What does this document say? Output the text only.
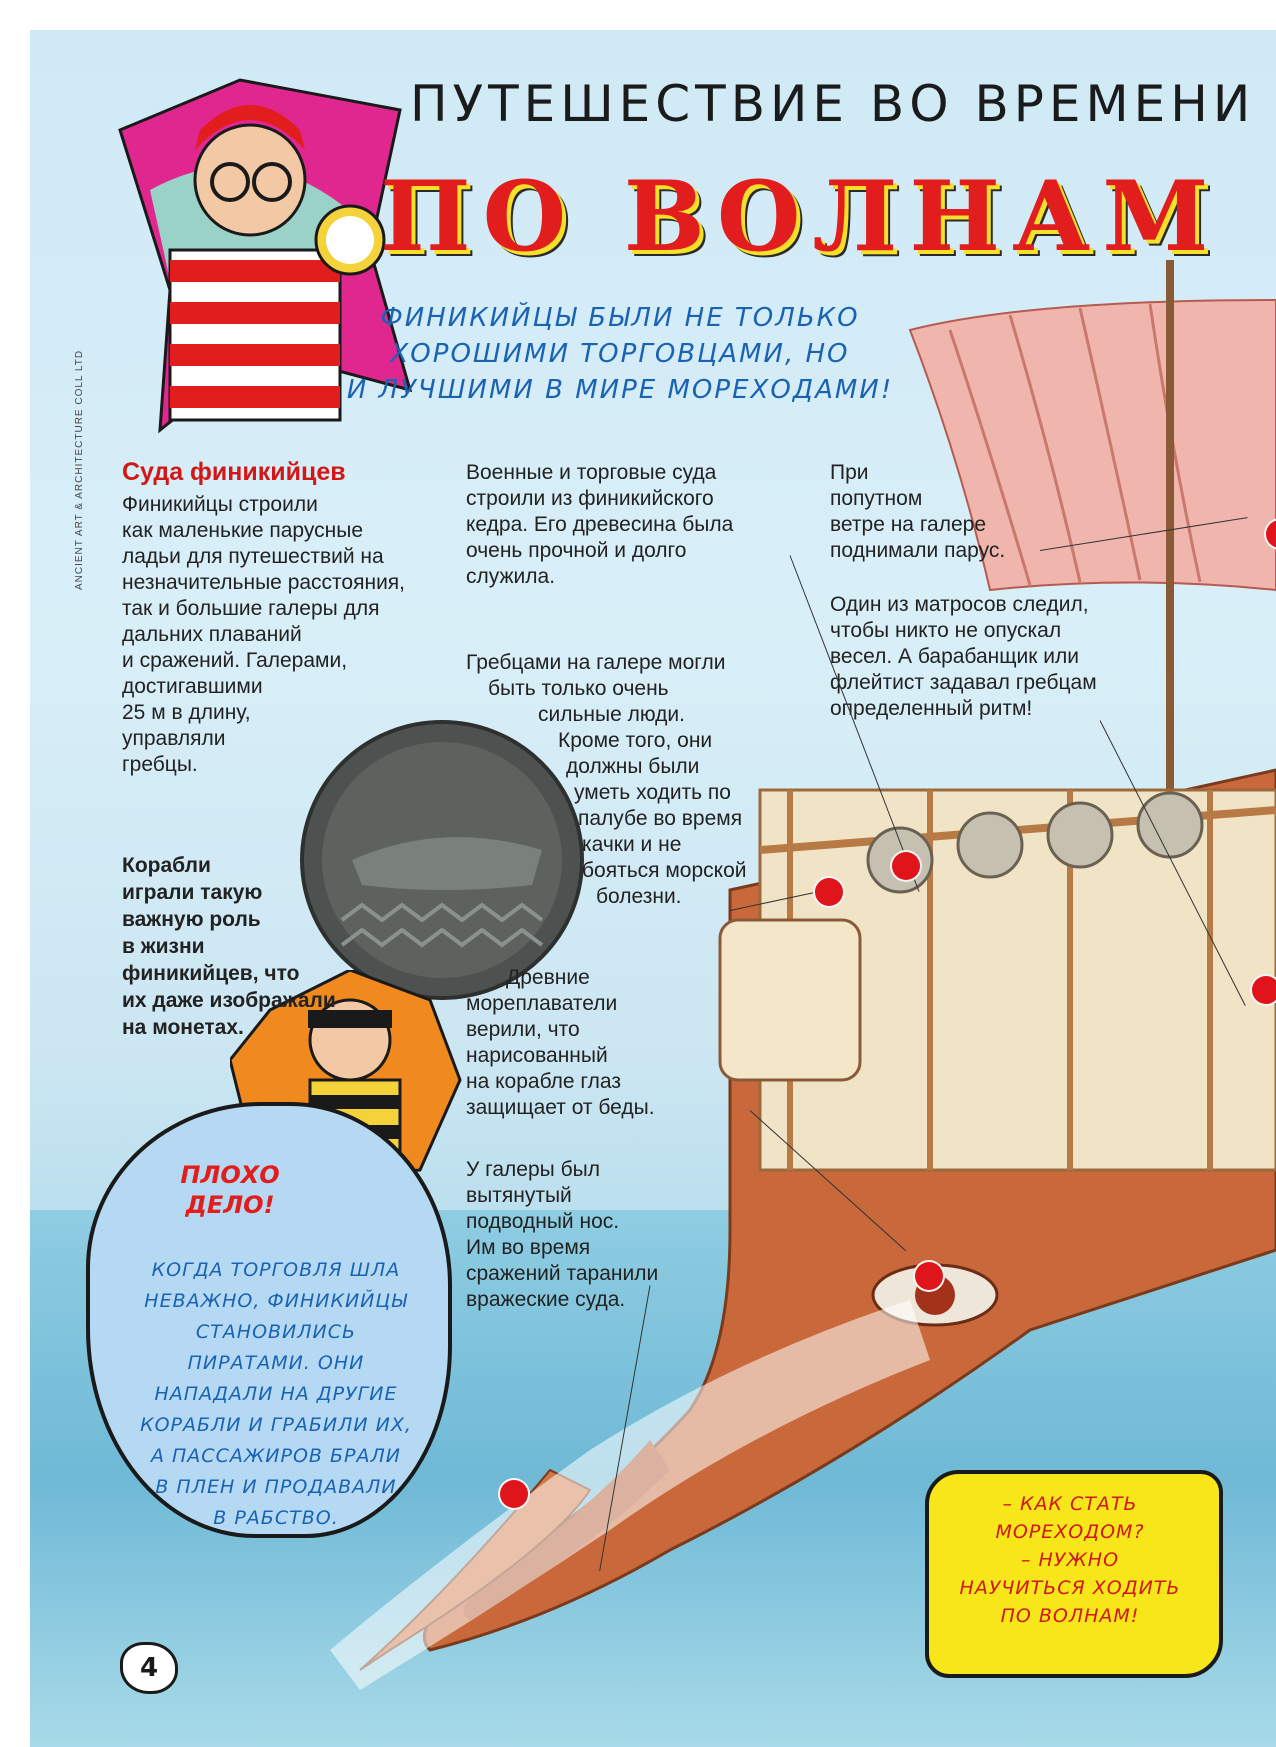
ПУТЕШЕСТВИЕ ВО ВРЕМЕНИ
ПО ВОЛНАМ
ФИНИКИЙЦЫ БЫЛИ НЕ ТОЛЬКО
ХОРОШИМИ ТОРГОВЦАМИ, НО
И ЛУЧШИМИ В МИРЕ МОРЕХОДАМИ!
ANCIENT ART & ARCHITECTURE COLL LTD Суда финикийцев
Финикийцы строили
как маленькие парусные
ладьи для путешествий на
незначительные расстояния,
так и большие галеры для
дальних плаваний
и сражений. Галерами,
достигавшими
25 м в длину,
управляли
гребцы.
Корабли
играли такую
важную роль
в жизни
финикийцев, что
их даже изображали
на монетах.
Военные и торговые суда
строили из финикийского
кедра. Его древесина была
очень прочной и долго
служила.
Гребцами на галере могли
быть только очень
сильные люди.
Кроме того, они
должны были
уметь ходить по
палубе во время
качки и не
бояться морской
болезни.
Древние
мореплаватели
верили, что
нарисованный
на корабле глаз
защищает от беды.
У галеры был
вытянутый
подводный нос.
Им во время
сражений таранили
вражеские суда.
При
попутном
ветре на галере
поднимали парус.
Один из матросов следил,
чтобы никто не опускал
весел. А барабанщик или
флейтист задавал гребцам
определенный ритм!
ПЛОХО
ДЕЛО!
КОГДА ТОРГОВЛЯ ШЛА
НЕВАЖНО, ФИНИКИЙЦЫ
СТАНОВИЛИСЬ
ПИРАТАМИ. ОНИ
НАПАДАЛИ НА ДРУГИЕ
КОРАБЛИ И ГРАБИЛИ ИХ,
А ПАССАЖИРОВ БРАЛИ
В ПЛЕН И ПРОДАВАЛИ
В РАБСТВО.
– КАК СТАТЬ
МОРЕХОДОМ?
– НУЖНО
НАУЧИТЬСЯ ХОДИТЬ
ПО ВОЛНАМ!
4
